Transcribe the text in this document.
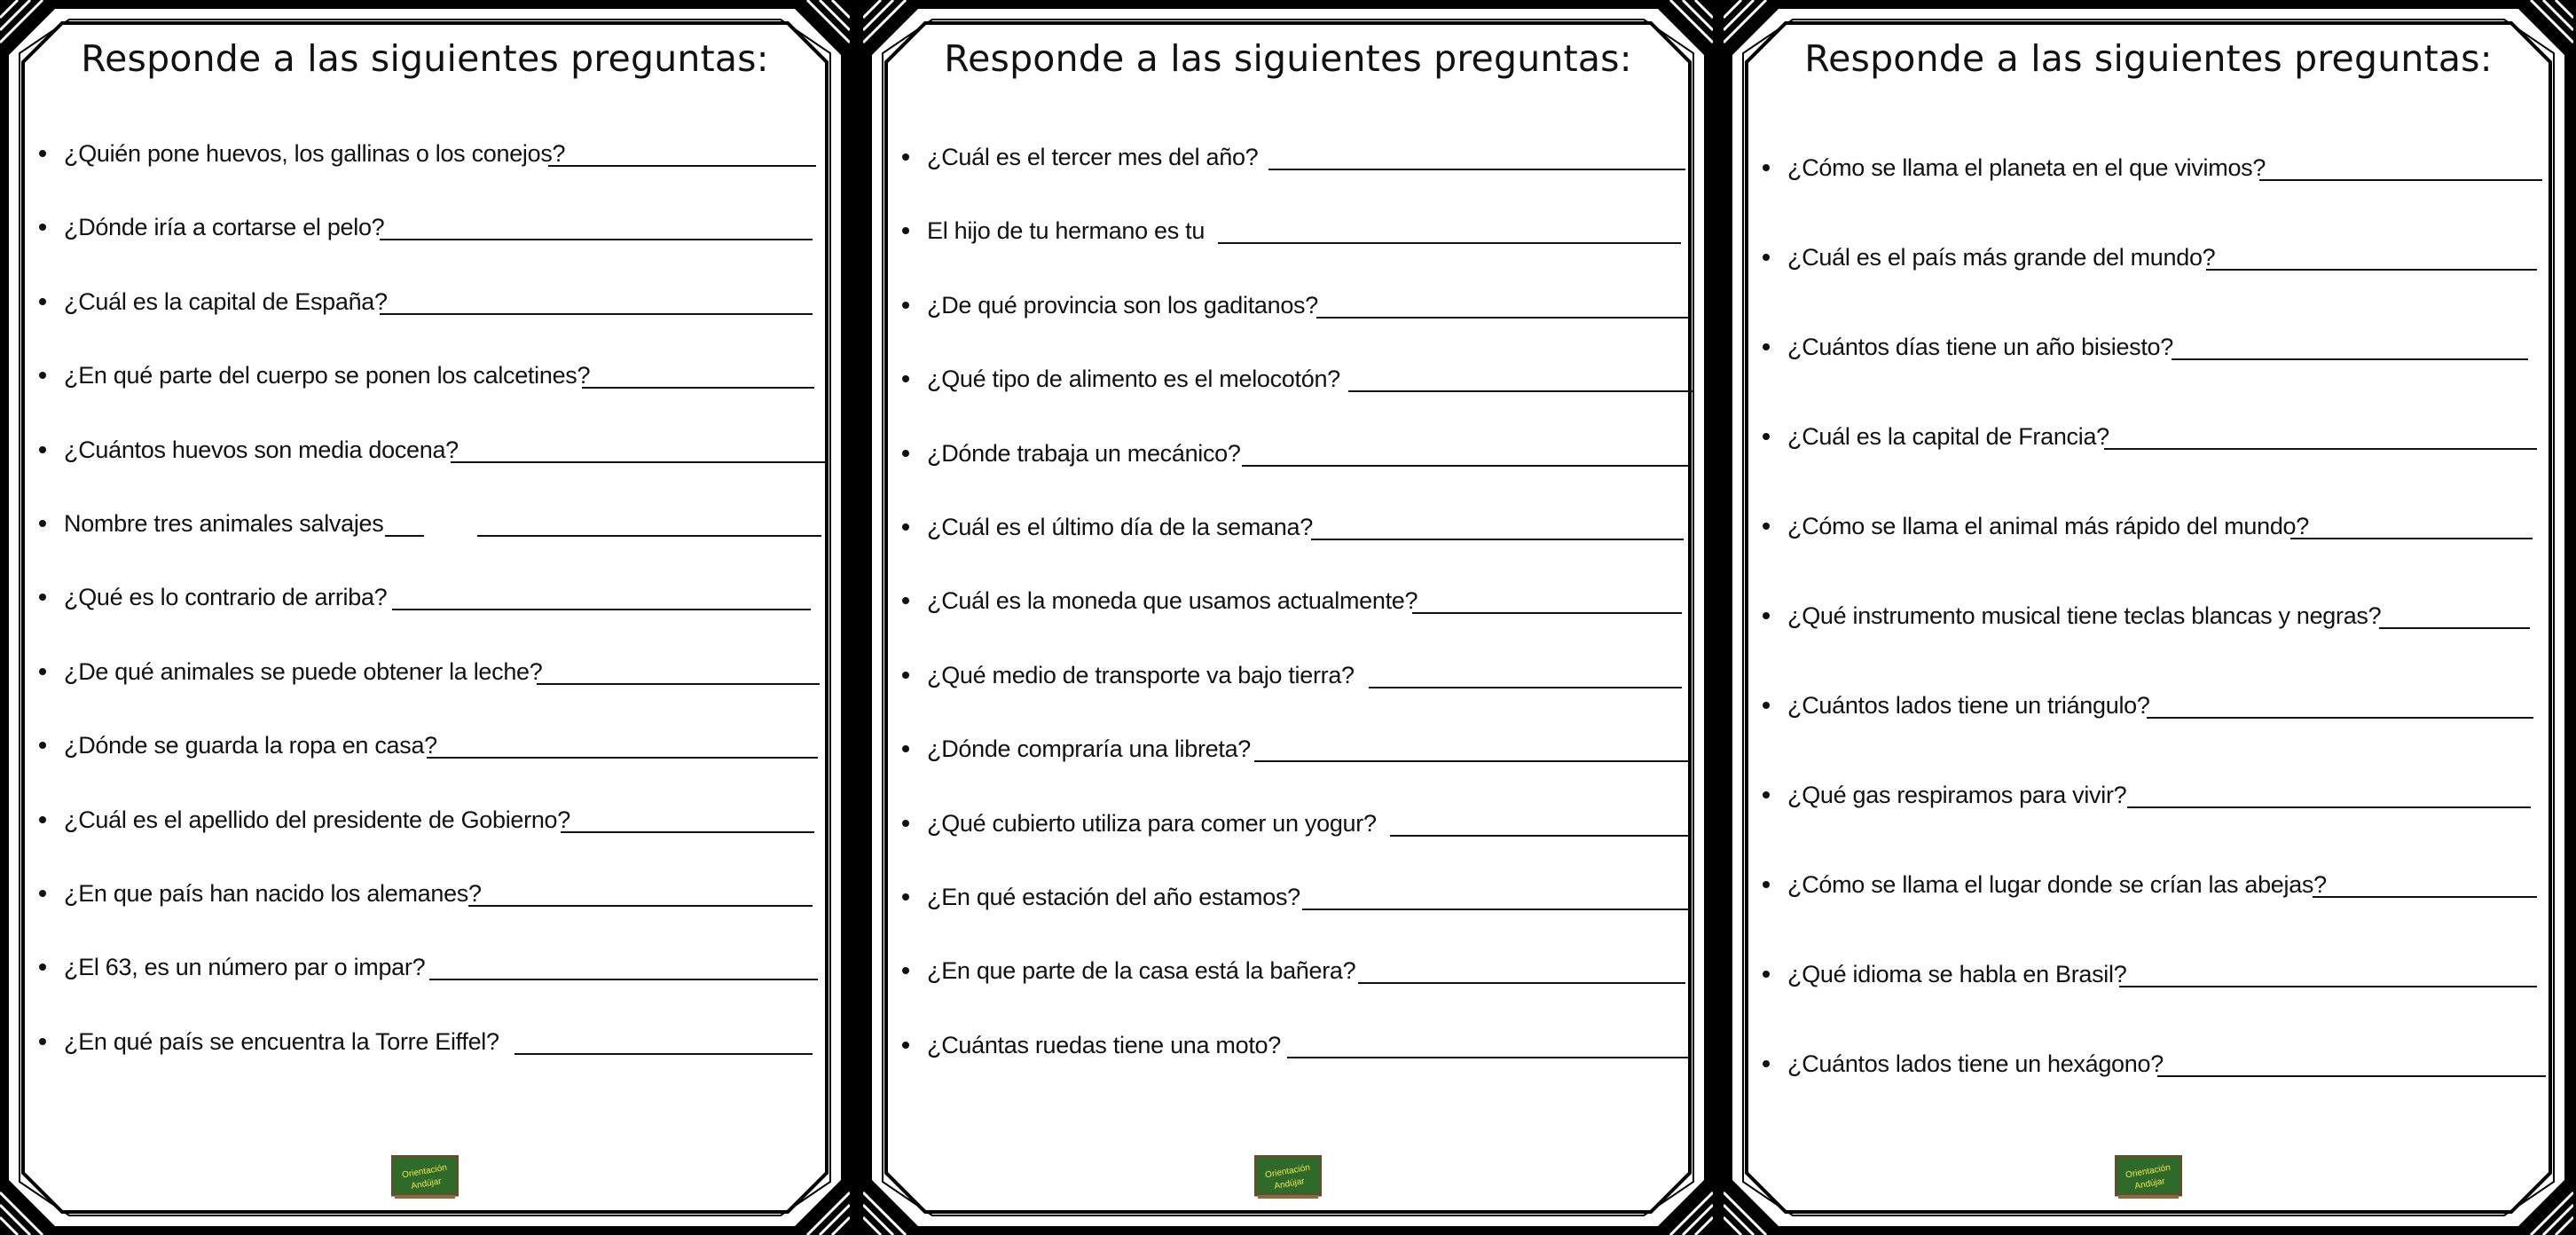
Responde a las siguientes preguntas:
¿Quién pone huevos, los gallinas o los conejos?
¿Dónde iría a cortarse el pelo?
¿Cuál es la capital de España?
¿En qué parte del cuerpo se ponen los calcetines?
¿Cuántos huevos son media docena?
Nombre tres animales salvajes
¿Qué es lo contrario de arriba?
¿De qué animales se puede obtener la leche?
¿Dónde se guarda la ropa en casa?
¿Cuál es el apellido del presidente de Gobierno?
¿En que país han nacido los alemanes?
¿El 63, es un número par o impar?
¿En qué país se encuentra la Torre Eiffel?
Orientación
Andújar
Responde a las siguientes preguntas:
¿Cuál es el tercer mes del año?
El hijo de tu hermano es tu
¿De qué provincia son los gaditanos?
¿Qué tipo de alimento es el melocotón?
¿Dónde trabaja un mecánico?
¿Cuál es el último día de la semana?
¿Cuál es la moneda que usamos actualmente?
¿Qué medio de transporte va bajo tierra?
¿Dónde compraría una libreta?
¿Qué cubierto utiliza para comer un yogur?
¿En qué estación del año estamos?
¿En que parte de la casa está la bañera?
¿Cuántas ruedas tiene una moto?
Orientación
Andújar
Responde a las siguientes preguntas:
¿Cómo se llama el planeta en el que vivimos?
¿Cuál es el país más grande del mundo?
¿Cuántos días tiene un año bisiesto?
¿Cuál es la capital de Francia?
¿Cómo se llama el animal más rápido del mundo?
¿Qué instrumento musical tiene teclas blancas y negras?
¿Cuántos lados tiene un triángulo?
¿Qué gas respiramos para vivir?
¿Cómo se llama el lugar donde se crían las abejas?
¿Qué idioma se habla en Brasil?
¿Cuántos lados tiene un hexágono?
Orientación
Andújar
